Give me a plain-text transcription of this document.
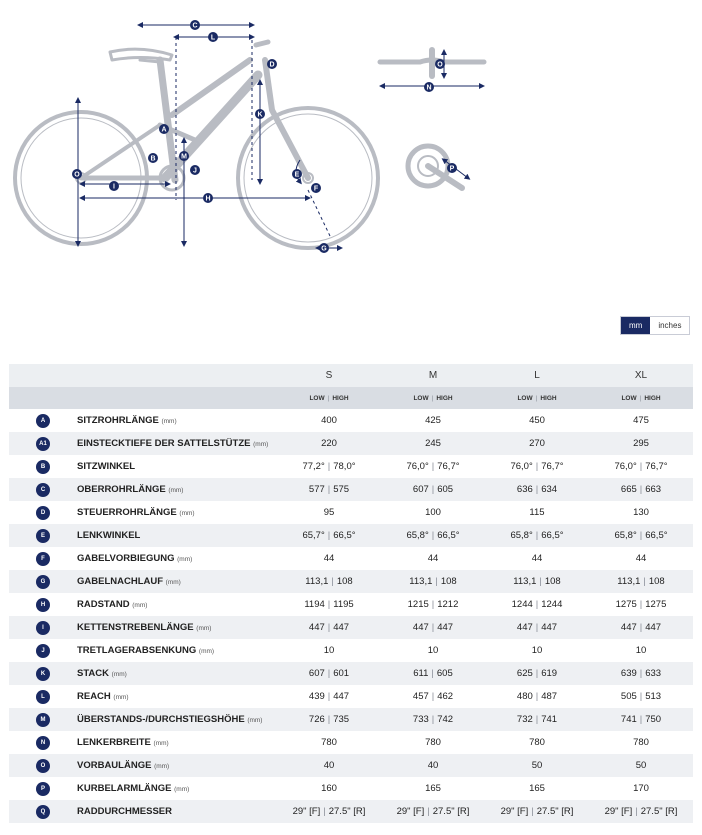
C
L
D
K
A
B	M
J
E
F
O
I
H
G
O
N
P
mm	inches
		S	M	L	XL
		LOW | HIGH	LOW | HIGH	LOW | HIGH	LOW | HIGH
A	SITZROHRLÄNGE (mm)	400	425	450	475
A1	EINSTECKTIEFE DER SATTELSTÜTZE (mm)	220	245	270	295
B	SITZWINKEL	77,2° | 78,0°	76,0° | 76,7°	76,0° | 76,7°	76,0° | 76,7°
C	OBERROHRLÄNGE (mm)	577 | 575	607 | 605	636 | 634	665 | 663
D	STEUERROHRLÄNGE (mm)	95	100	115	130
E	LENKWINKEL	65,7° | 66,5°	65,8° | 66,5°	65,8° | 66,5°	65,8° | 66,5°
F	GABELVORBIEGUNG (mm)	44	44	44	44
G	GABELNACHLAUF (mm)	113,1 | 108	113,1 | 108	113,1 | 108	113,1 | 108
H	RADSTAND (mm)	1194 | 1195	1215 | 1212	1244 | 1244	1275 | 1275
I	KETTENSTREBENLÄNGE (mm)	447 | 447	447 | 447	447 | 447	447 | 447
J	TRETLAGERABSENKUNG (mm)	10	10	10	10
K	STACK (mm)	607 | 601	611 | 605	625 | 619	639 | 633
L	REACH (mm)	439 | 447	457 | 462	480 | 487	505 | 513
M	ÜBERSTANDS-/DURCHSTIEGSHÖHE (mm)	726 | 735	733 | 742	732 | 741	741 | 750
N	LENKERBREITE (mm)	780	780	780	780
O	VORBAULÄNGE (mm)	40	40	50	50
P	KURBELARMLÄNGE (mm)	160	165	165	170
Q	RADDURCHMESSER	29" [F] | 27.5" [R]	29" [F] | 27.5" [R]	29" [F] | 27.5" [R]	29" [F] | 27.5" [R]
